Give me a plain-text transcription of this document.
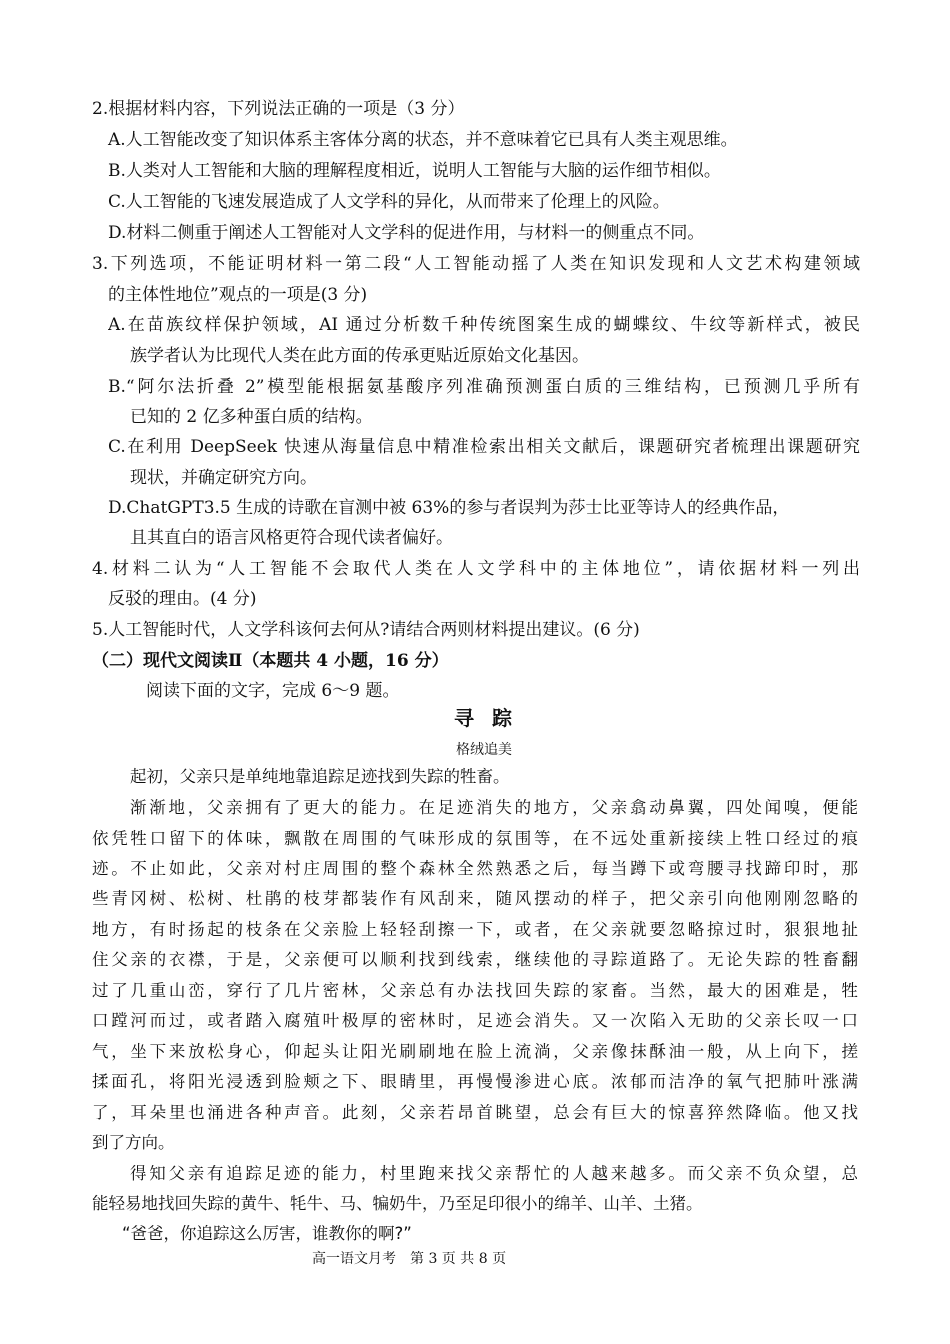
2.根据材料内容，下列说法正确的一项是（3 分）
A.人工智能改变了知识体系主客体分离的状态，并不意味着它已具有人类主观思维。
B.人类对人工智能和大脑的理解程度相近，说明人工智能与大脑的运作细节相似。
C.人工智能的飞速发展造成了人文学科的异化，从而带来了伦理上的风险。
D.材料二侧重于阐述人工智能对人文学科的促进作用，与材料一的侧重点不同。
3.下列选项，不能证明材料一第二段“人工智能动摇了人类在知识发现和人文艺术构建领域
的主体性地位”观点的一项是(3 分)
A.在苗族纹样保护领域，AI 通过分析数千种传统图案生成的蝴蝶纹、牛纹等新样式，被民
族学者认为比现代人类在此方面的传承更贴近原始文化基因。
B.“阿尔法折叠 2”模型能根据氨基酸序列准确预测蛋白质的三维结构，已预测几乎所有
已知的 2 亿多种蛋白质的结构。
C.在利用 DeepSeek 快速从海量信息中精准检索出相关文献后，课题研究者梳理出课题研究
现状，并确定研究方向。
D.ChatGPT3.5 生成的诗歌在盲测中被 63%的参与者误判为莎士比亚等诗人的经典作品，
且其直白的语言风格更符合现代读者偏好。
4.材料二认为“人工智能不会取代人类在人文学科中的主体地位”，请依据材料一列出
反驳的理由。(4 分)
5.人工智能时代，人文学科该何去何从?请结合两则材料提出建议。(6 分)
（二）现代文阅读Ⅱ（本题共 4 小题，16 分）
阅读下面的文字，完成 6～9 题。
寻踪
格绒追美
起初，父亲只是单纯地靠追踪足迹找到失踪的牲畜。
渐渐地，父亲拥有了更大的能力。在足迹消失的地方，父亲翕动鼻翼，四处闻嗅，便能
依凭牲口留下的体味，飘散在周围的气味形成的氛围等，在不远处重新接续上牲口经过的痕
迹。不止如此，父亲对村庄周围的整个森林全然熟悉之后，每当蹲下或弯腰寻找蹄印时，那
些青冈树、松树、杜鹃的枝芽都装作有风刮来，随风摆动的样子，把父亲引向他刚刚忽略的
地方，有时扬起的枝条在父亲脸上轻轻刮擦一下，或者，在父亲就要忽略掠过时，狠狠地扯
住父亲的衣襟，于是，父亲便可以顺利找到线索，继续他的寻踪道路了。无论失踪的牲畜翻
过了几重山峦，穿行了几片密林，父亲总有办法找回失踪的家畜。当然，最大的困难是，牲
口蹚河而过，或者踏入腐殖叶极厚的密林时，足迹会消失。又一次陷入无助的父亲长叹一口
气，坐下来放松身心，仰起头让阳光刷刷地在脸上流淌，父亲像抹酥油一般，从上向下，搓
揉面孔，将阳光浸透到脸颊之下、眼睛里，再慢慢渗进心底。浓郁而洁净的氧气把肺叶涨满
了，耳朵里也涌进各种声音。此刻，父亲若昂首眺望，总会有巨大的惊喜猝然降临。他又找
到了方向。
得知父亲有追踪足迹的能力，村里跑来找父亲帮忙的人越来越多。而父亲不负众望，总
能轻易地找回失踪的黄牛、牦牛、马、犏奶牛，乃至足印很小的绵羊、山羊、土猪。
“爸爸，你追踪这么厉害，谁教你的啊?”
高一语文月考　第 3 页 共 8 页
